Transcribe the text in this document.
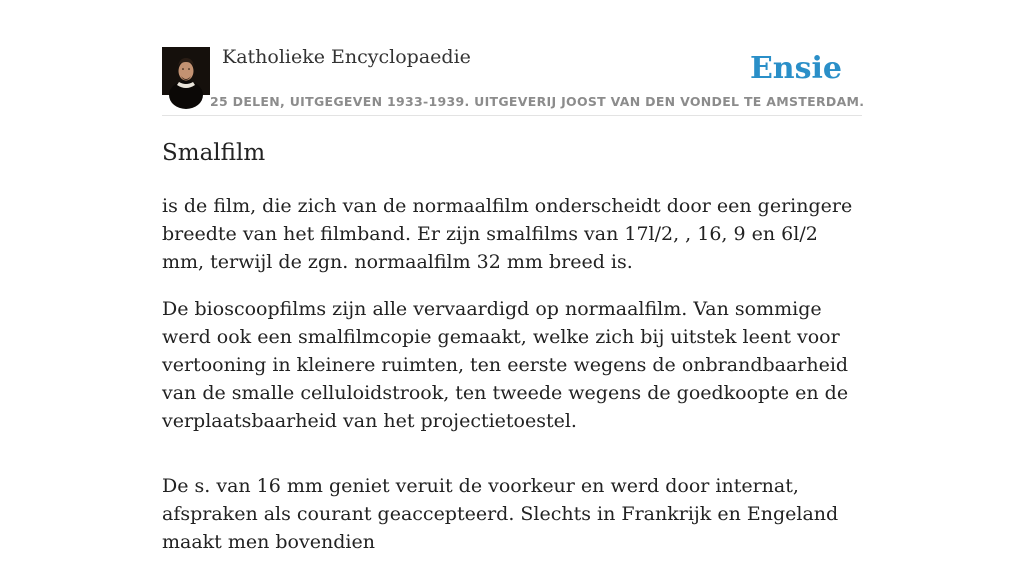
Katholieke Encyclopaedie
25 DELEN, UITGEGEVEN 1933-1939. UITGEVERIJ JOOST VAN DEN VONDEL TE AMSTERDAM.
Ensie
Smalfilm

is de film, die zich van de normaalfilm onderscheidt door een geringere breedte van het filmband. Er zijn smalfilms van 17l/2, , 16, 9 en 6l/2 mm, terwijl de zgn. normaalfilm 32 mm breed is.

De bioscoopfilms zijn alle vervaardigd op normaalfilm. Van sommige werd ook een smalfilmcopie gemaakt, welke zich bij uitstek leent voor vertooning in kleinere ruimten, ten eerste wegens de onbrandbaarheid van de smalle celluloidstrook, ten tweede wegens de goedkoopte en de verplaatsbaarheid van het projectietoestel.

De s. van 16 mm geniet veruit de voorkeur en werd door internat, afspraken als courant geaccepteerd. Slechts in Frankrijk en Engeland maakt men bovendien
